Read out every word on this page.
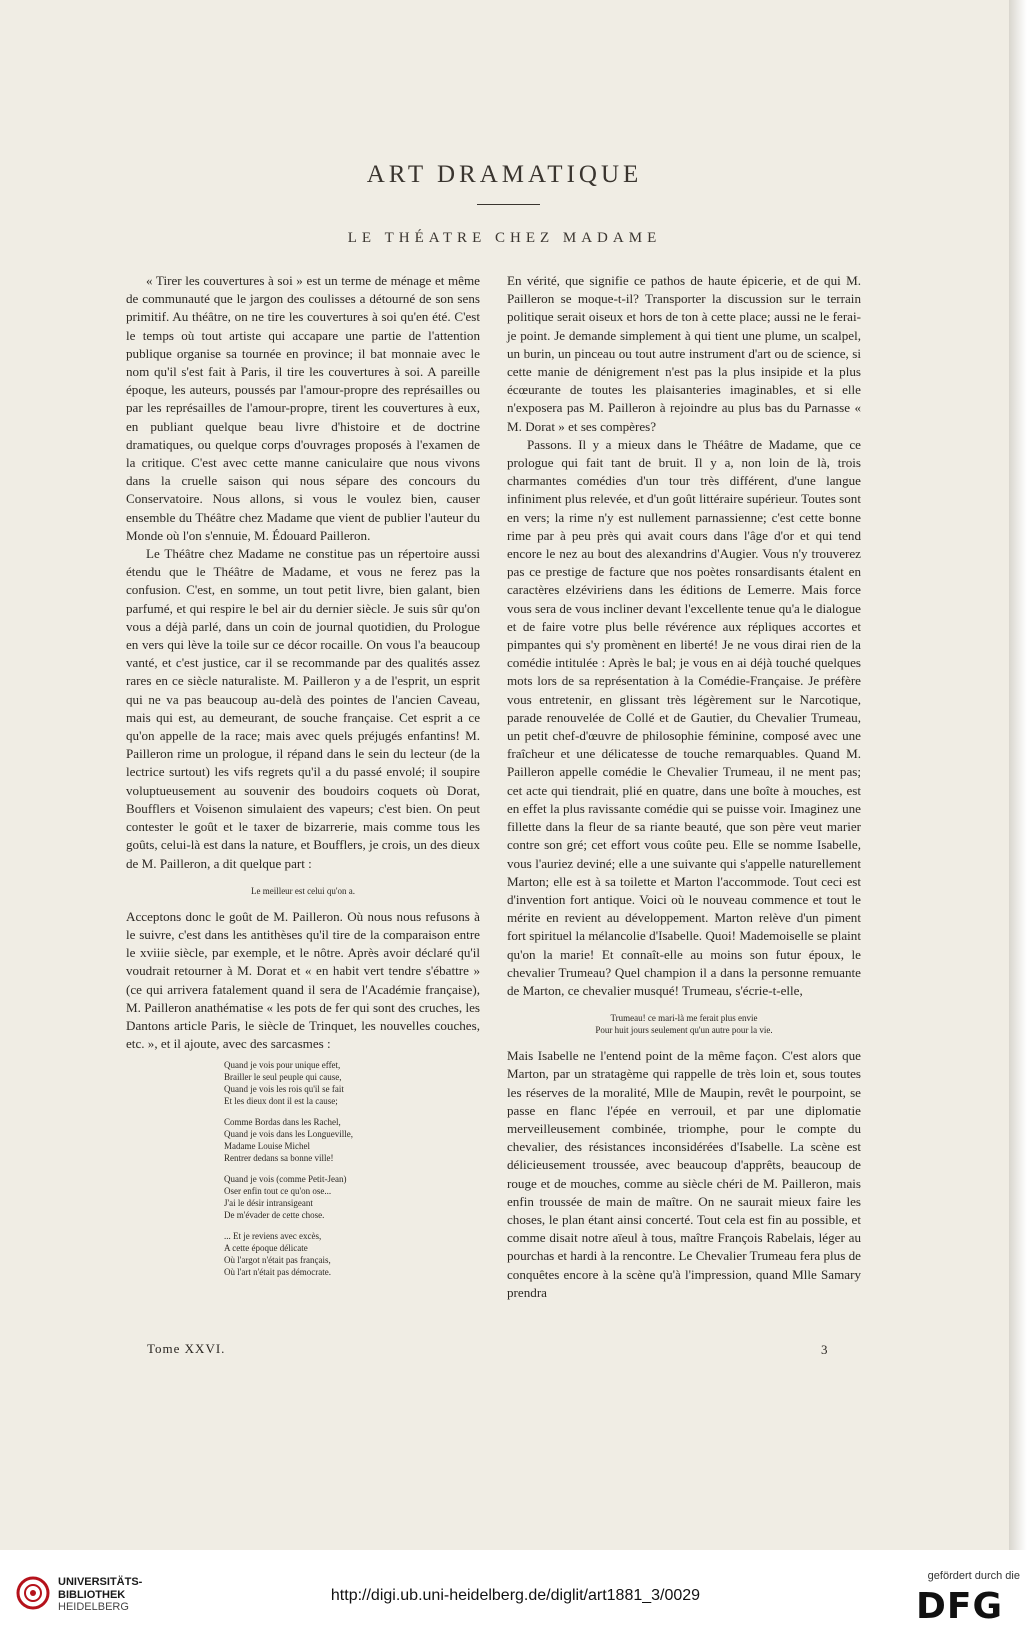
ART DRAMATIQUE
LE THÉATRE CHEZ MADAME

« Tirer les couvertures à soi » est un terme de ménage et même de communauté que le jargon des coulisses a détourné de son sens primitif. Au théâtre, on ne tire les couvertures à soi qu'en été. C'est le temps où tout artiste qui accapare une partie de l'attention publique organise sa tournée en province; il bat monnaie avec le nom qu'il s'est fait à Paris, il tire les couvertures à soi. A pareille époque, les auteurs, poussés par l'amour-propre des représailles ou par les représailles de l'amour-propre, tirent les couvertures à eux, en publiant quelque beau livre d'histoire et de doctrine dramatiques, ou quelque corps d'ouvrages proposés à l'examen de la critique. C'est avec cette manne caniculaire que nous vivons dans la cruelle saison qui nous sépare des concours du Conservatoire. Nous allons, si vous le voulez bien, causer ensemble du Théâtre chez Madame que vient de publier l'auteur du Monde où l'on s'ennuie, M. Édouard Pailleron.

Le Théâtre chez Madame ne constitue pas un répertoire aussi étendu que le Théâtre de Madame, et vous ne ferez pas la confusion. C'est, en somme, un tout petit livre, bien galant, bien parfumé, et qui respire le bel air du dernier siècle. Je suis sûr qu'on vous a déjà parlé, dans un coin de journal quotidien, du Prologue en vers qui lève la toile sur ce décor rocaille. On vous l'a beaucoup vanté, et c'est justice, car il se recommande par des qualités assez rares en ce siècle naturaliste. M. Pailleron y a de l'esprit, un esprit qui ne va pas beaucoup au-delà des pointes de l'ancien Caveau, mais qui est, au demeurant, de souche française. Cet esprit a ce qu'on appelle de la race; mais avec quels préjugés enfantins! M. Pailleron rime un prologue, il répand dans le sein du lecteur (de la lectrice surtout) les vifs regrets qu'il a du passé envolé; il soupire voluptueusement au souvenir des boudoirs coquets où Dorat, Boufflers et Voisenon simulaient des vapeurs; c'est bien. On peut contester le goût et le taxer de bizarrerie, mais comme tous les goûts, celui-là est dans la nature, et Boufflers, je crois, un des dieux de M. Pailleron, a dit quelque part :

Le meilleur est celui qu'on a.

Acceptons donc le goût de M. Pailleron. Où nous nous refusons à le suivre, c'est dans les antithèses qu'il tire de la comparaison entre le xviiie siècle, par exemple, et le nôtre. Après avoir déclaré qu'il voudrait retourner à M. Dorat et « en habit vert tendre s'ébattre » (ce qui arrivera fatalement quand il sera de l'Académie française), M. Pailleron anathématise « les pots de fer qui sont des cruches, les Dantons article Paris, le siècle de Trinquet, les nouvelles couches, etc. », et il ajoute, avec des sarcasmes :

Quand je vois pour unique effet,
Brailler le seul peuple qui cause,
Quand je vois les rois qu'il se fait
Et les dieux dont il est la cause;
Comme Bordas dans les Rachel,
Quand je vois dans les Longueville,
Madame Louise Michel
Rentrer dedans sa bonne ville!
Quand je vois (comme Petit-Jean)
Oser enfin tout ce qu'on ose...
J'ai le désir intransigeant
De m'évader de cette chose.
... Et je reviens avec excès,
A cette époque délicate
Où l'argot n'était pas français,
Où l'art n'était pas démocrate.

En vérité, que signifie ce pathos de haute épicerie, et de qui M. Pailleron se moque-t-il? Transporter la discussion sur le terrain politique serait oiseux et hors de ton à cette place; aussi ne le ferai-je point. Je demande simplement à qui tient une plume, un scalpel, un burin, un pinceau ou tout autre instrument d'art ou de science, si cette manie de dénigrement n'est pas la plus insipide et la plus écœurante de toutes les plaisanteries imaginables, et si elle n'exposera pas M. Pailleron à rejoindre au plus bas du Parnasse « M. Dorat » et ses compères?

Passons. Il y a mieux dans le Théâtre de Madame, que ce prologue qui fait tant de bruit. Il y a, non loin de là, trois charmantes comédies d'un tour très différent, d'une langue infiniment plus relevée, et d'un goût littéraire supérieur. Toutes sont en vers; la rime n'y est nullement parnassienne; c'est cette bonne rime par à peu près qui avait cours dans l'âge d'or et qui tend encore le nez au bout des alexandrins d'Augier. Vous n'y trouverez pas ce prestige de facture que nos poètes ronsardisants étalent en caractères elzéviriens dans les éditions de Lemerre. Mais force vous sera de vous incliner devant l'excellente tenue qu'a le dialogue et de faire votre plus belle révérence aux répliques accortes et pimpantes qui s'y promènent en liberté! Je ne vous dirai rien de la comédie intitulée : Après le bal; je vous en ai déjà touché quelques mots lors de sa représentation à la Comédie-Française. Je préfère vous entretenir, en glissant très légèrement sur le Narcotique, parade renouvelée de Collé et de Gautier, du Chevalier Trumeau, un petit chef-d'œuvre de philosophie féminine, composé avec une fraîcheur et une délicatesse de touche remarquables. Quand M. Pailleron appelle comédie le Chevalier Trumeau, il ne ment pas; cet acte qui tiendrait, plié en quatre, dans une boîte à mouches, est en effet la plus ravissante comédie qui se puisse voir. Imaginez une fillette dans la fleur de sa riante beauté, que son père veut marier contre son gré; cet effort vous coûte peu. Elle se nomme Isabelle, vous l'auriez deviné; elle a une suivante qui s'appelle naturellement Marton; elle est à sa toilette et Marton l'accommode. Tout ceci est d'invention fort antique. Voici où le nouveau commence et tout le mérite en revient au développement. Marton relève d'un piment fort spirituel la mélancolie d'Isabelle. Quoi! Mademoiselle se plaint qu'on la marie! Et connaît-elle au moins son futur époux, le chevalier Trumeau? Quel champion il a dans la personne remuante de Marton, ce chevalier musqué! Trumeau, s'écrie-t-elle,

Trumeau! ce mari-là me ferait plus envie
Pour huit jours seulement qu'un autre pour la vie.

Mais Isabelle ne l'entend point de la même façon. C'est alors que Marton, par un stratagème qui rappelle de très loin et, sous toutes les réserves de la moralité, Mlle de Maupin, revêt le pourpoint, se passe en flanc l'épée en verrouil, et par une diplomatie merveilleusement combinée, triomphe, pour le compte du chevalier, des résistances inconsidérées d'Isabelle. La scène est délicieusement troussée, avec beaucoup d'apprêts, beaucoup de rouge et de mouches, comme au siècle chéri de M. Pailleron, mais enfin troussée de main de maître. On ne saurait mieux faire les choses, le plan étant ainsi concerté. Tout cela est fin au possible, et comme disait notre aïeul à tous, maître François Rabelais, léger au pourchas et hardi à la rencontre. Le Chevalier Trumeau fera plus de conquêtes encore à la scène qu'à l'impression, quand Mlle Samary prendra

Tome XXVI.	3
UNIVERSITÄTS-
BIBLIOTHEK
HEIDELBERG
http://digi.ub.uni-heidelberg.de/diglit/art1881_3/0029
gefördert durch die
DFG
